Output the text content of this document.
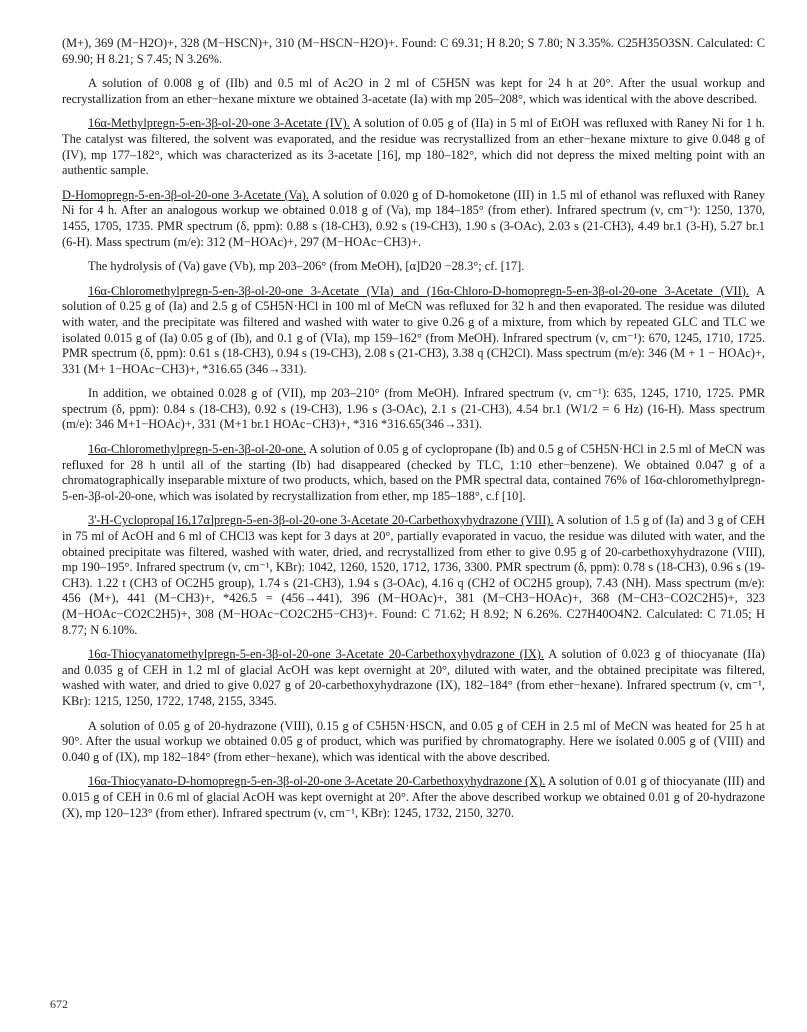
(M+), 369 (M−H2O)+, 328 (M−HSCN)+, 310 (M−HSCN−H2O)+. Found: C 69.31; H 8.20; S 7.80; N 3.35%. C25H35O3SN. Calculated: C 69.90; H 8.21; S 7.45; N 3.26%.

A solution of 0.008 g of (IIb) and 0.5 ml of Ac2O in 2 ml of C5H5N was kept for 24 h at 20°. After the usual workup and recrystallization from an ether−hexane mixture we obtained 3-acetate (Ia) with mp 205–208°, which was identical with the above described.

16α-Methylpregn-5-en-3β-ol-20-one 3-Acetate (IV). A solution of 0.05 g of (IIa) in 5 ml of EtOH was refluxed with Raney Ni for 1 h. The catalyst was filtered, the solvent was evaporated, and the residue was recrystallized from an ether−hexane mixture to give 0.048 g of (IV), mp 177–182°, which was characterized as its 3-acetate [16], mp 180–182°, which did not depress the mixed melting point with an authentic sample.

D-Homopregn-5-en-3β-ol-20-one 3-Acetate (Va). A solution of 0.020 g of D-homoketone (III) in 1.5 ml of ethanol was refluxed with Raney Ni for 4 h. After an analogous workup we obtained 0.018 g of (Va), mp 184–185° (from ether). Infrared spectrum (ν, cm⁻¹): 1250, 1370, 1455, 1705, 1735. PMR spectrum (δ, ppm): 0.88 s (18-CH3), 0.92 s (19-CH3), 1.90 s (3-OAc), 2.03 s (21-CH3), 4.49 br.1 (3-H), 5.27 br.1 (6-H). Mass spectrum (m/e): 312 (M−HOAc)+, 297 (M−HOAc−CH3)+.

The hydrolysis of (Va) gave (Vb), mp 203–206° (from MeOH), [α]D20 −28.3°; cf. [17].

16α-Chloromethylpregn-5-en-3β-ol-20-one 3-Acetate (VIa) and (16α-Chloro-D-homopregn-5-en-3β-ol-20-one 3-Acetate (VII). A solution of 0.25 g of (Ia) and 2.5 g of C5H5N·HCl in 100 ml of MeCN was refluxed for 32 h and then evaporated. The residue was diluted with water, and the precipitate was filtered and washed with water to give 0.26 g of a mixture, from which by repeated GLC and TLC we isolated 0.015 g of (Ia) 0.05 g of (Ib), and 0.1 g of (VIa), mp 159–162° (from MeOH). Infrared spectrum (ν, cm⁻¹): 670, 1245, 1710, 1725. PMR spectrum (δ, ppm): 0.61 s (18-CH3), 0.94 s (19-CH3), 2.08 s (21-CH3), 3.38 q (CH2Cl). Mass spectrum (m/e): 346 (M + 1 − HOAc)+, 331 (M+ 1−HOAc−CH3)+, *316.65 (346→331).

In addition, we obtained 0.028 g of (VII), mp 203–210° (from MeOH). Infrared spectrum (ν, cm⁻¹): 635, 1245, 1710, 1725. PMR spectrum (δ, ppm): 0.84 s (18-CH3), 0.92 s (19-CH3), 1.96 s (3-OAc), 2.1 s (21-CH3), 4.54 br.1 (W1/2 = 6 Hz) (16-H). Mass spectrum (m/e): 346 M+1−HOAc)+, 331 (M+1 br.1 HOAc−CH3)+, *316 *316.65(346→331).

16α-Chloromethylpregn-5-en-3β-ol-20-one. A solution of 0.05 g of cyclopropane (Ib) and 0.5 g of C5H5N·HCl in 2.5 ml of MeCN was refluxed for 28 h until all of the starting (Ib) had disappeared (checked by TLC, 1:10 ether−benzene). We obtained 0.047 g of a chromatographically inseparable mixture of two products, which, based on the PMR spectral data, contained 76% of 16α-chloromethylpregn-5-en-3β-ol-20-one, which was isolated by recrystallization from ether, mp 185–188°, c.f [10].

3'-H-Cyclopropa[16,17α]pregn-5-en-3β-ol-20-one 3-Acetate 20-Carbethoxyhydrazone (VIII). A solution of 1.5 g of (Ia) and 3 g of CEH in 75 ml of AcOH and 6 ml of CHCl3 was kept for 3 days at 20°, partially evaporated in vacuo, the residue was diluted with water, and the obtained precipitate was filtered, washed with water, dried, and recrystallized from ether to give 0.95 g of 20-carbethoxyhydrazone (VIII), mp 190–195°. Infrared spectrum (ν, cm⁻¹, KBr): 1042, 1260, 1520, 1712, 1736, 3300. PMR spectrum (δ, ppm): 0.78 s (18-CH3), 0.96 s (19-CH3). 1.22 t (CH3 of OC2H5 group), 1.74 s (21-CH3), 1.94 s (3-OAc), 4.16 q (CH2 of OC2H5 group), 7.43 (NH). Mass spectrum (m/e): 456 (M+), 441 (M−CH3)+, *426.5 = (456→441), 396 (M−HOAc)+, 381 (M−CH3−HOAc)+, 368 (M−CH3−CO2C2H5)+, 323 (M−HOAc−CO2C2H5)+, 308 (M−HOAc−CO2C2H5−CH3)+. Found: C 71.62; H 8.92; N 6.26%. C27H40O4N2. Calculated: C 71.05; H 8.77; N 6.10%.

16α-Thiocyanatomethylpregn-5-en-3β-ol-20-one 3-Acetate 20-Carbethoxyhydrazone (IX). A solution of 0.023 g of thiocyanate (IIa) and 0.035 g of CEH in 1.2 ml of glacial AcOH was kept overnight at 20°, diluted with water, and the obtained precipitate was filtered, washed with water, and dried to give 0.027 g of 20-carbethoxyhydrazone (IX), 182–184° (from ether−hexane). Infrared spectrum (ν, cm⁻¹, KBr): 1215, 1250, 1722, 1748, 2155, 3345.

A solution of 0.05 g of 20-hydrazone (VIII), 0.15 g of C5H5N·HSCN, and 0.05 g of CEH in 2.5 ml of MeCN was heated for 25 h at 90°. After the usual workup we obtained 0.05 g of product, which was purified by chromatography. Here we isolated 0.005 g of (VIII) and 0.040 g of (IX), mp 182–184° (from ether−hexane), which was identical with the above described.

16α-Thiocyanato-D-homopregn-5-en-3β-ol-20-one 3-Acetate 20-Carbethoxyhydrazone (X). A solution of 0.01 g of thiocyanate (III) and 0.015 g of CEH in 0.6 ml of glacial AcOH was kept overnight at 20°. After the above described workup we obtained 0.01 g of 20-hydrazone (X), mp 120–123° (from ether). Infrared spectrum (ν, cm⁻¹, KBr): 1245, 1732, 2150, 3270.

672
